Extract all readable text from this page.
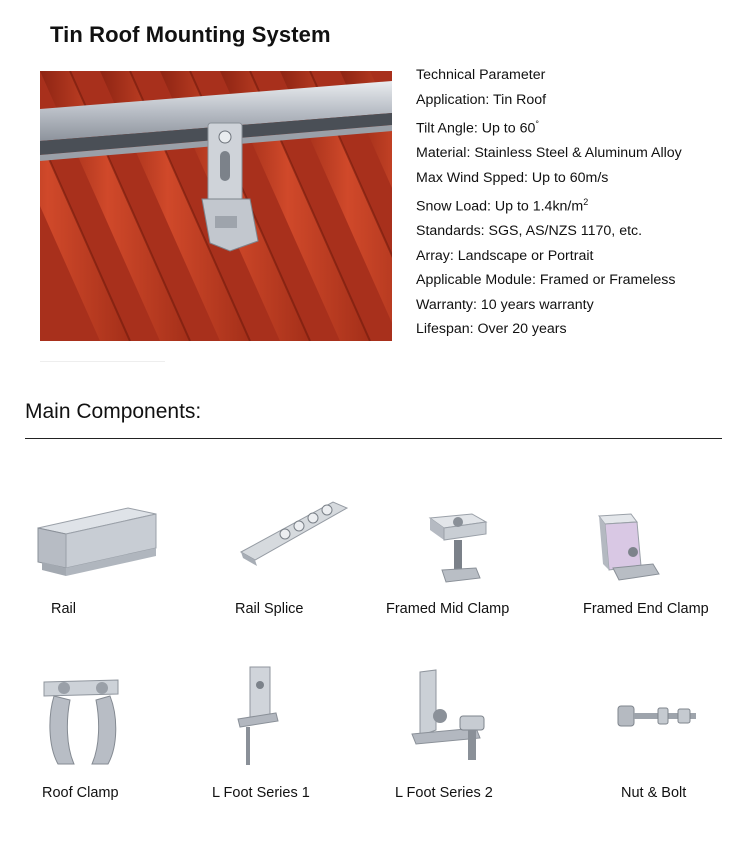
Tin Roof Mounting System
Technical Parameter
Application: Tin Roof
Tilt Angle: Up to 60°
Material: Stainless Steel & Aluminum Alloy
Max Wind Spped: Up to 60m/s
Snow Load: Up to $1.4kn/m^2$
Standards: SGS, AS/NZS 1170, etc.
Array: Landscape or Portrait
Applicable Module: Framed or Frameless
Warranty: 10 years warranty
Lifespan: Over 20 years
Main Components:
Rail	Rail Splice	Framed Mid Clamp	Framed End Clamp
Roof Clamp	L Foot Series 1	L Foot Series 2	Nut & Bolt
